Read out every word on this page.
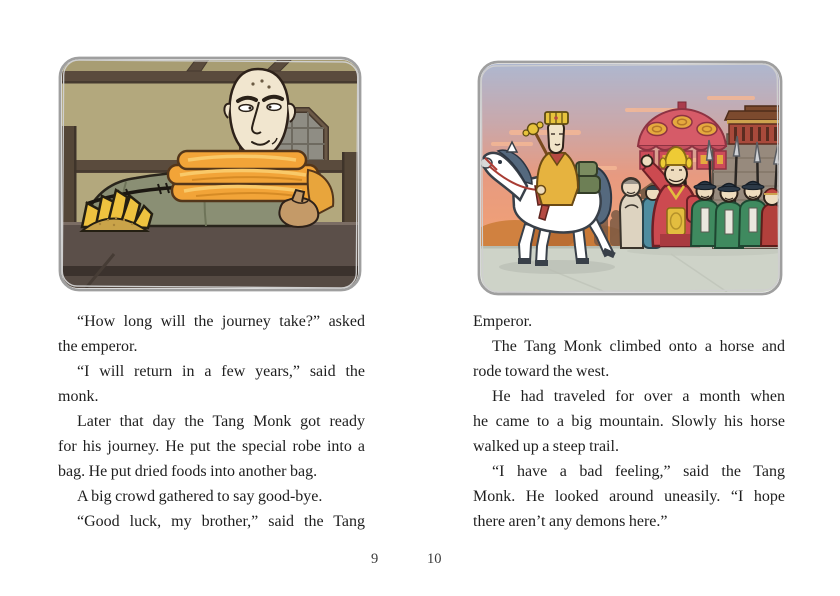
“How long will the journey take?” asked
the emperor.
“I will return in a few years,” said the
monk.
Later that day the Tang Monk got ready
for his journey. He put the special robe into a
bag. He put dried foods into another bag.
A big crowd gathered to say good-bye.
“Good luck, my brother,” said the Tang
Emperor.
The Tang Monk climbed onto a horse and
rode toward the west.
He had traveled for over a month when
he came to a big mountain. Slowly his horse
walked up a steep trail.
“I have a bad feeling,” said the Tang
Monk. He looked around uneasily. “I hope
there aren’t any demons here.”
9	10
